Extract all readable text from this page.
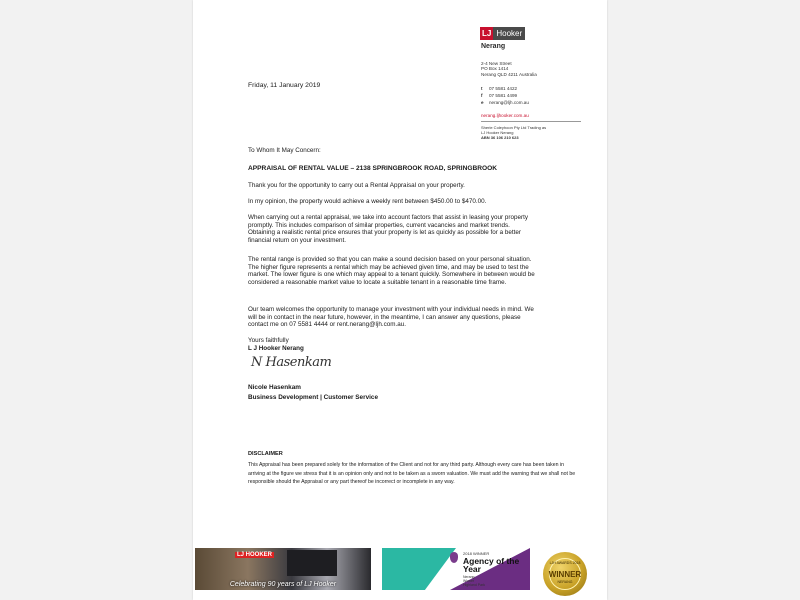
LJ Hooker
Nerang
2-4 New Street
PO Box 1414
Nerang QLD 4211 Australia
t 07 5581 4422
f 07 5581 4499
e nerang@ljh.com.au
nerang.ljhooker.com.au
Sherie Coleyhoon Pty Ltd Trading as
LJ Hooker Nerang
ABN 36 106 210 623
Friday, 11 January 2019
To Whom It May Concern:
APPRAISAL OF RENTAL VALUE – 2138 SPRINGBROOK ROAD, SPRINGBROOK
Thank you for the opportunity to carry out a Rental Appraisal on your property.
In my opinion, the property would achieve a weekly rent between $450.00 to $470.00.
When carrying out a rental appraisal, we take into account factors that assist in leasing your property promptly. This includes comparison of similar properties, current vacancies and market trends. Obtaining a realistic rental price ensures that your property is let as quickly as possible for a better financial return on your investment.
The rental range is provided so that you can make a sound decision based on your personal situation. The higher figure represents a rental which may be achieved given time, and may be used to test the market. The lower figure is one which may appeal to a tenant quickly. Somewhere in between would be considered a reasonable market value to locate a suitable tenant in a reasonable time frame.
Our team welcomes the opportunity to manage your investment with your individual needs in mind. We will be in contact in the near future, however, in the meantime, I can answer any questions, please contact me on 07 5581 4444 or rent.nerang@ljh.com.au.
Yours faithfully
L J Hooker Nerang
N Hasenkam
Nicole Hasenkam
Business Development | Customer Service
DISCLAIMER
This Appraisal has been prepared solely for the information of the Client and not for any third party. Although every care has been taken in arriving at the figure we stress that it is an opinion only and not to be taken as a sworn valuation. We must add the warning that we shall not be responsible should the Appraisal or any part thereof be incorrect or incomplete in any way.
LJ HOOKER
Celebrating 90 years of LJ Hooker
2018 WINNER
Agency of the Year
Nerang
Winner
Highland Park
LJH AWARDS 2018
WINNER
NERANG
